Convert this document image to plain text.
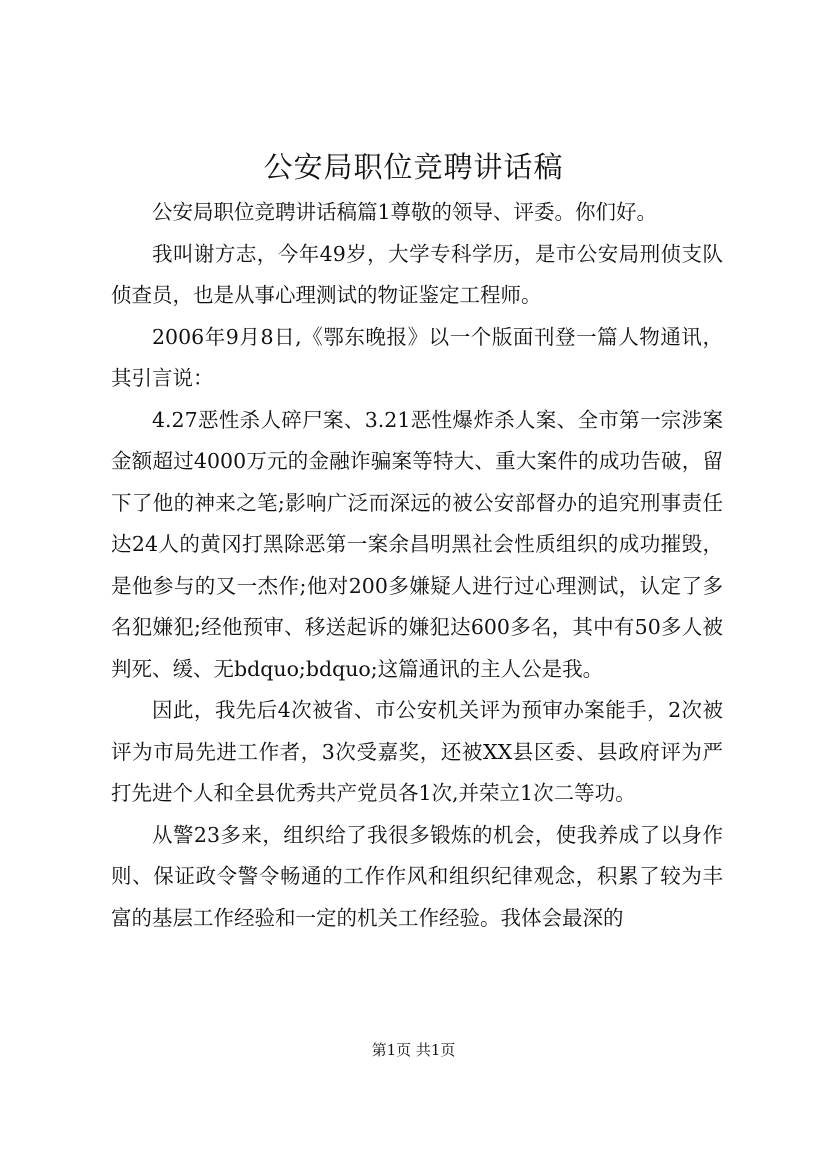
公安局职位竞聘讲话稿

公安局职位竞聘讲话稿篇1尊敬的领导、评委。你们好。

我叫谢方志，今年49岁，大学专科学历，是市公安局刑侦支队侦查员，也是从事心理测试的物证鉴定工程师。

2006年9月8日,《鄂东晚报》以一个版面刊登一篇人物通讯，其引言说：

4.27恶性杀人碎尸案、3.21恶性爆炸杀人案、全市第一宗涉案金额超过4000万元的金融诈骗案等特大、重大案件的成功告破，留下了他的神来之笔;影响广泛而深远的被公安部督办的追究刑事责任达24人的黄冈打黑除恶第一案余昌明黑社会性质组织的成功摧毁，是他参与的又一杰作;他对200多嫌疑人进行过心理测试，认定了多名犯嫌犯;经他预审、移送起诉的嫌犯达600多名，其中有50多人被判死、缓、无bdquo;bdquo;这篇通讯的主人公是我。

因此，我先后4次被省、市公安机关评为预审办案能手，2次被评为市局先进工作者，3次受嘉奖，还被XX县区委、县政府评为严打先进个人和全县优秀共产党员各1次,并荣立1次二等功。

从警23多来，组织给了我很多锻炼的机会，使我养成了以身作则、保证政令警令畅通的工作作风和组织纪律观念，积累了较为丰富的基层工作经验和一定的机关工作经验。我体会最深的

第1页 共1页
